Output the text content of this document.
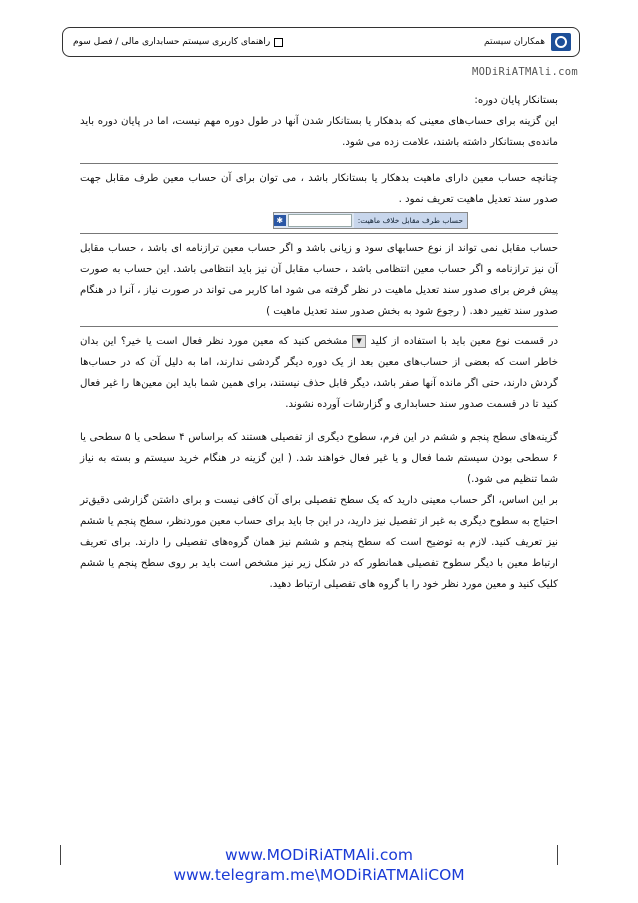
راهنمای کاربری سیستم حسابداری مالی / فصل سوم	همکاران سیستم
MODiRiATMAli.com

بستانکار پایان دوره:

این گزینه برای حساب‌های معینی که بدهکار یا بستانکار شدن آنها در طول دوره مهم نیست، اما در پایان دوره باید مانده‌ی بستانکار داشته باشند، علامت زده می شود.

چنانچه حساب معین دارای ماهیت بدهکار یا بستانکار باشد ، می توان برای آن حساب معین طرف مقابل جهت صدور سند تعدیل ماهیت تعریف نمود .

حساب طرف مقابل خلاف ماهیت:
✱

حساب مقابل نمی تواند از نوع حسابهای سود و زیانی باشد و اگر حساب معین ترازنامه ای باشد ، حساب مقابل آن نیز ترازنامه و اگر حساب معین انتظامی باشد ، حساب مقابل آن نیز باید انتظامی باشد. این حساب به صورت پیش فرض برای صدور سند تعدیل ماهیت در نظر گرفته می شود اما کاربر می تواند در صورت نیاز ، آنرا در هنگام صدور سند تغییر دهد. ( رجوع شود به بخش صدور سند تعدیل ماهیت )

در قسمت نوع معین باید با استفاده از کلید ▼ مشخص کنید که معین مورد نظر فعال است یا خیر؟ این بدان خاطر است که بعضی از حساب‌های معین بعد از یک دوره دیگر گردشی ندارند، اما به دلیل آن که در حساب‌ها گردش دارند، حتی اگر مانده آنها صفر باشد، دیگر قابل حذف نیستند، برای همین شما باید این معین‌ها را غیر فعال کنید تا در قسمت صدور سند حسابداری و گزارشات آورده نشوند.

گزینه‌های سطح پنجم و ششم در این فرم، سطوح دیگری از تفصیلی هستند که براساس ۴ سطحی یا ۵ سطحی یا ۶ سطحی بودن سیستم شما فعال و یا غیر فعال خواهند شد. ( این گزینه در هنگام خرید سیستم و بسته به نیاز شما تنظیم می شود.)

بر این اساس، اگر حساب معینی دارید که یک سطح تفصیلی برای آن کافی نیست و برای داشتن گزارشی دقیق‌تر احتیاج به سطوح دیگری به غیر از تفصیل نیز دارید، در این جا باید برای حساب معین موردنظر، سطح پنجم یا ششم نیز تعریف کنید. لازم به توضیح است که سطح پنجم و ششم نیز همان گروه‌های تفصیلی را دارند. برای تعریف ارتباط معین با دیگر سطوح تفصیلی همانطور که در شکل زیر نیز مشخص است باید بر روی سطح پنجم یا ششم کلیک کنید و معین مورد نظر خود را با گروه های تفصیلی ارتباط دهید.

www.MODiRiATMAli.com
www.telegram.me\MODiRiATMAliCOM
